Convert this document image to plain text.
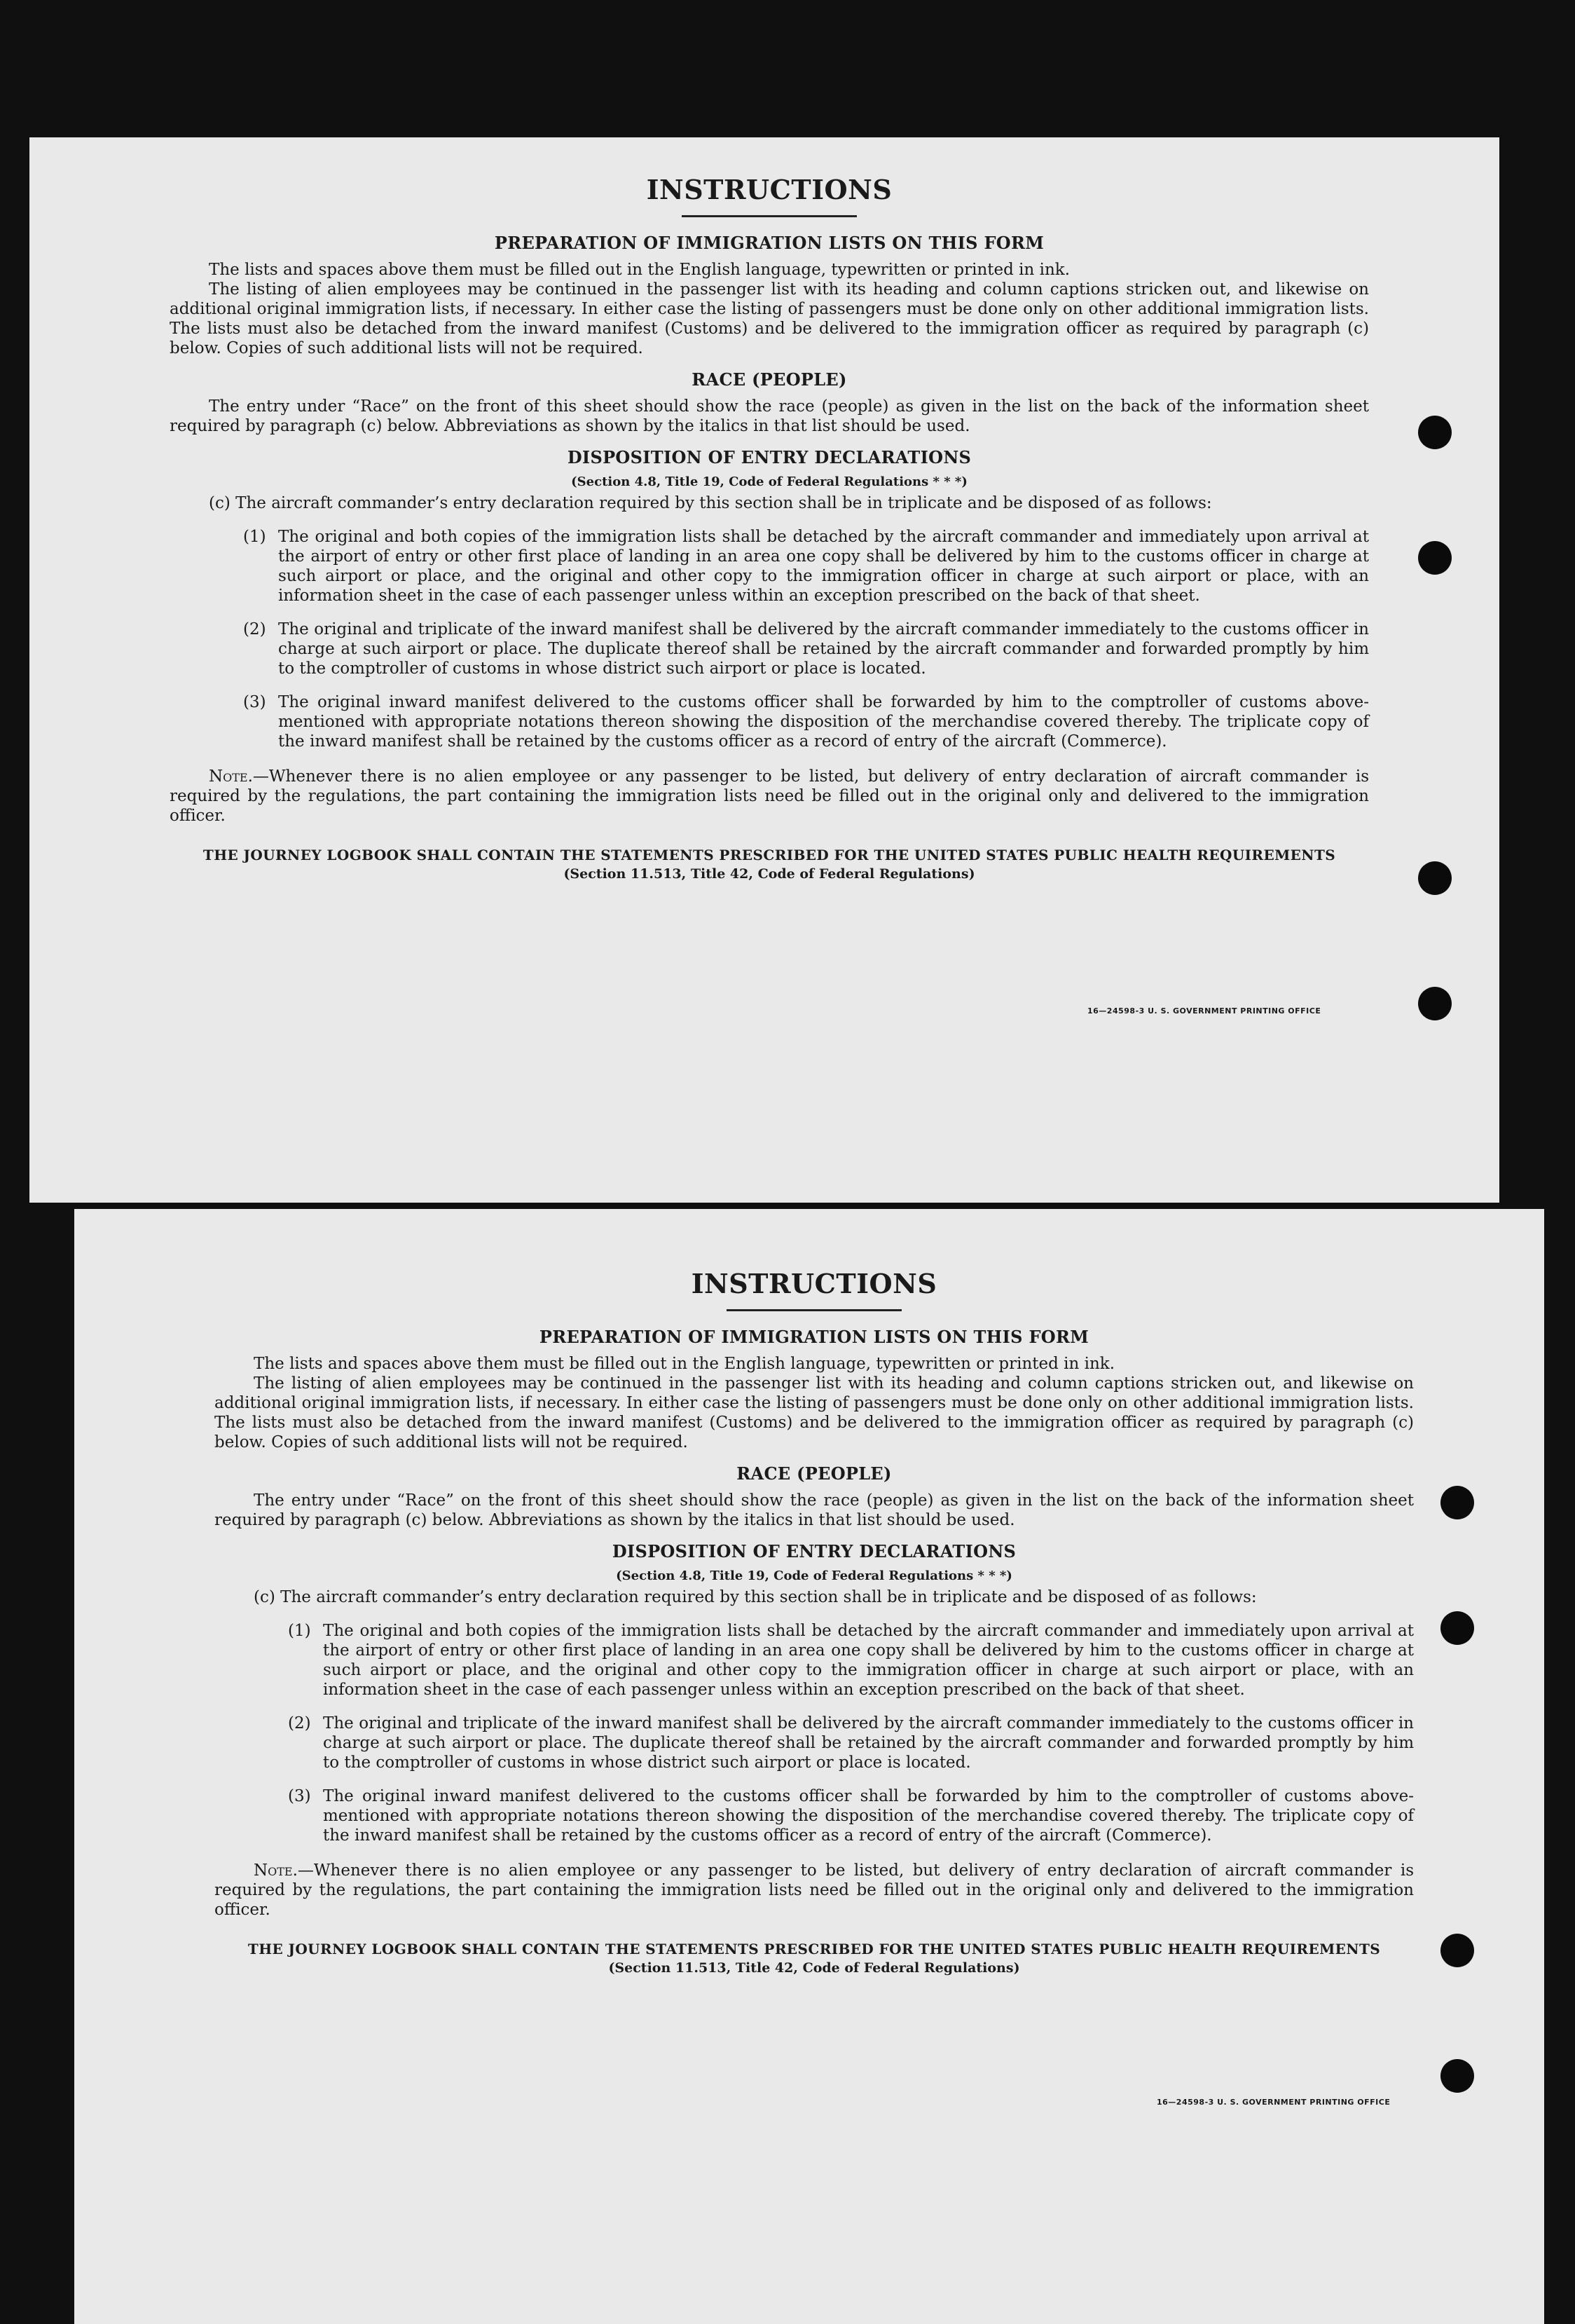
INSTRUCTIONS
PREPARATION OF IMMIGRATION LISTS ON THIS FORM

The lists and spaces above them must be filled out in the English language, typewritten or printed in ink.

The listing of alien employees may be continued in the passenger list with its heading and column captions stricken out, and likewise on additional original immigration lists, if necessary. In either case the listing of passengers must be done only on other additional immigration lists. The lists must also be detached from the inward manifest (Customs) and be delivered to the immigration officer as required by paragraph (c) below. Copies of such additional lists will not be required.

RACE (PEOPLE)

The entry under “Race” on the front of this sheet should show the race (people) as given in the list on the back of the information sheet required by paragraph (c) below. Abbreviations as shown by the italics in that list should be used.

DISPOSITION OF ENTRY DECLARATIONS
(Section 4.8, Title 19, Code of Federal Regulations * * *)

(c) The aircraft commander’s entry declaration required by this section shall be in triplicate and be disposed of as follows:

(1) The original and both copies of the immigration lists shall be detached by the aircraft commander and immediately upon arrival at the airport of entry or other first place of landing in an area one copy shall be delivered by him to the customs officer in charge at such airport or place, and the original and other copy to the immigration officer in charge at such airport or place, with an information sheet in the case of each passenger unless within an exception prescribed on the back of that sheet.
(2) The original and triplicate of the inward manifest shall be delivered by the aircraft commander immediately to the customs officer in charge at such airport or place. The duplicate thereof shall be retained by the aircraft commander and forwarded promptly by him to the comptroller of customs in whose district such airport or place is located.
(3) The original inward manifest delivered to the customs officer shall be forwarded by him to the comptroller of customs above-mentioned with appropriate notations thereon showing the disposition of the merchandise covered thereby. The triplicate copy of the inward manifest shall be retained by the customs officer as a record of entry of the aircraft (Commerce).

Note.—Whenever there is no alien employee or any passenger to be listed, but delivery of entry declaration of aircraft commander is required by the regulations, the part containing the immigration lists need be filled out in the original only and delivered to the immigration officer.

THE JOURNEY LOGBOOK SHALL CONTAIN THE STATEMENTS PRESCRIBED FOR THE UNITED STATES PUBLIC HEALTH REQUIREMENTS
(Section 11.513, Title 42, Code of Federal Regulations)
16—24598-3 U. S. GOVERNMENT PRINTING OFFICE
INSTRUCTIONS
PREPARATION OF IMMIGRATION LISTS ON THIS FORM

The lists and spaces above them must be filled out in the English language, typewritten or printed in ink.

The listing of alien employees may be continued in the passenger list with its heading and column captions stricken out, and likewise on additional original immigration lists, if necessary. In either case the listing of passengers must be done only on other additional immigration lists. The lists must also be detached from the inward manifest (Customs) and be delivered to the immigration officer as required by paragraph (c) below. Copies of such additional lists will not be required.

RACE (PEOPLE)

The entry under “Race” on the front of this sheet should show the race (people) as given in the list on the back of the information sheet required by paragraph (c) below. Abbreviations as shown by the italics in that list should be used.

DISPOSITION OF ENTRY DECLARATIONS
(Section 4.8, Title 19, Code of Federal Regulations * * *)

(c) The aircraft commander’s entry declaration required by this section shall be in triplicate and be disposed of as follows:

(1) The original and both copies of the immigration lists shall be detached by the aircraft commander and immediately upon arrival at the airport of entry or other first place of landing in an area one copy shall be delivered by him to the customs officer in charge at such airport or place, and the original and other copy to the immigration officer in charge at such airport or place, with an information sheet in the case of each passenger unless within an exception prescribed on the back of that sheet.
(2) The original and triplicate of the inward manifest shall be delivered by the aircraft commander immediately to the customs officer in charge at such airport or place. The duplicate thereof shall be retained by the aircraft commander and forwarded promptly by him to the comptroller of customs in whose district such airport or place is located.
(3) The original inward manifest delivered to the customs officer shall be forwarded by him to the comptroller of customs above-mentioned with appropriate notations thereon showing the disposition of the merchandise covered thereby. The triplicate copy of the inward manifest shall be retained by the customs officer as a record of entry of the aircraft (Commerce).

Note.—Whenever there is no alien employee or any passenger to be listed, but delivery of entry declaration of aircraft commander is required by the regulations, the part containing the immigration lists need be filled out in the original only and delivered to the immigration officer.

THE JOURNEY LOGBOOK SHALL CONTAIN THE STATEMENTS PRESCRIBED FOR THE UNITED STATES PUBLIC HEALTH REQUIREMENTS
(Section 11.513, Title 42, Code of Federal Regulations)
16—24598-3 U. S. GOVERNMENT PRINTING OFFICE
